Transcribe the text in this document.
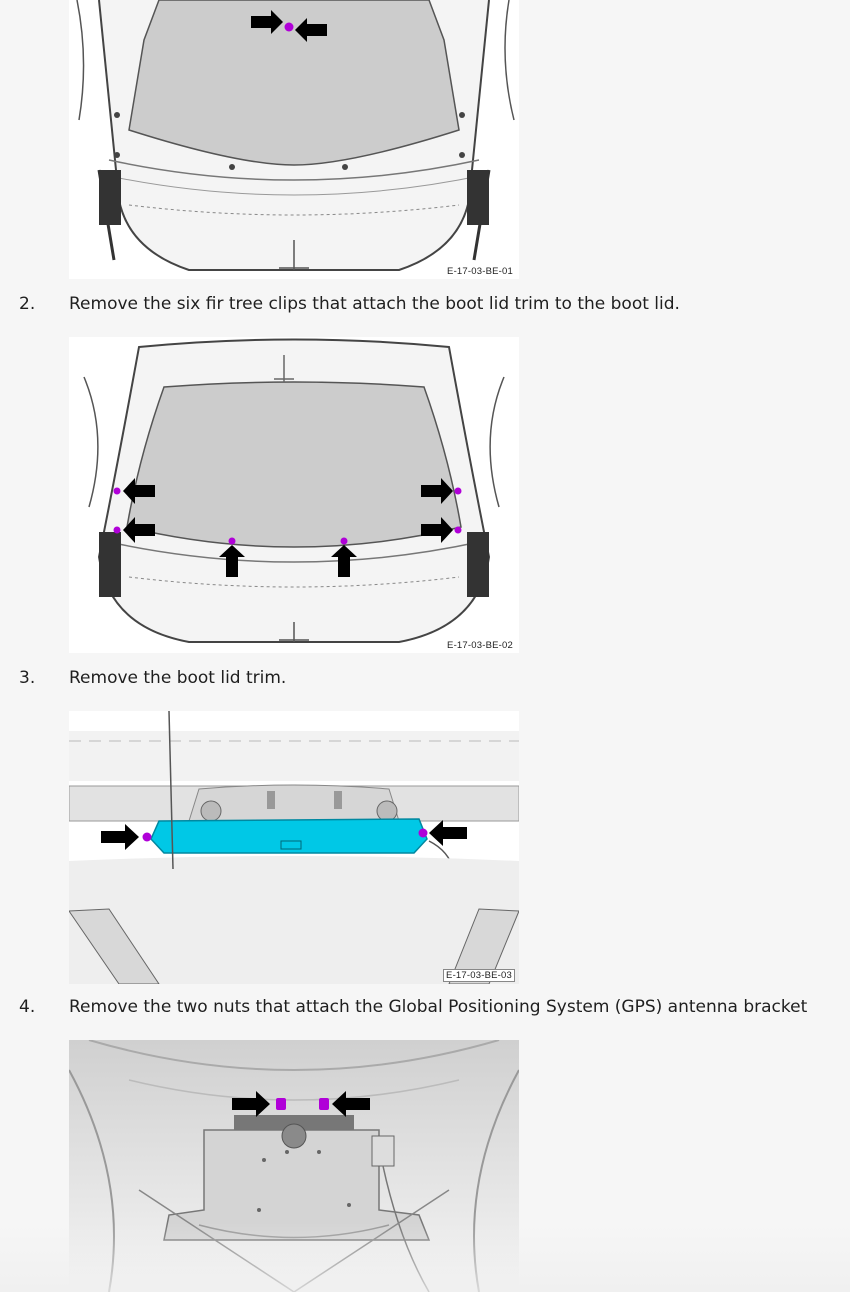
E-17-03-BE-01
2. Remove the six fir tree clips that attach the boot lid trim to the boot lid.
E-17-03-BE-02
3. Remove the boot lid trim.
E-17-03-BE-03
4. Remove the two nuts that attach the Global Positioning System (GPS) antenna bracket
